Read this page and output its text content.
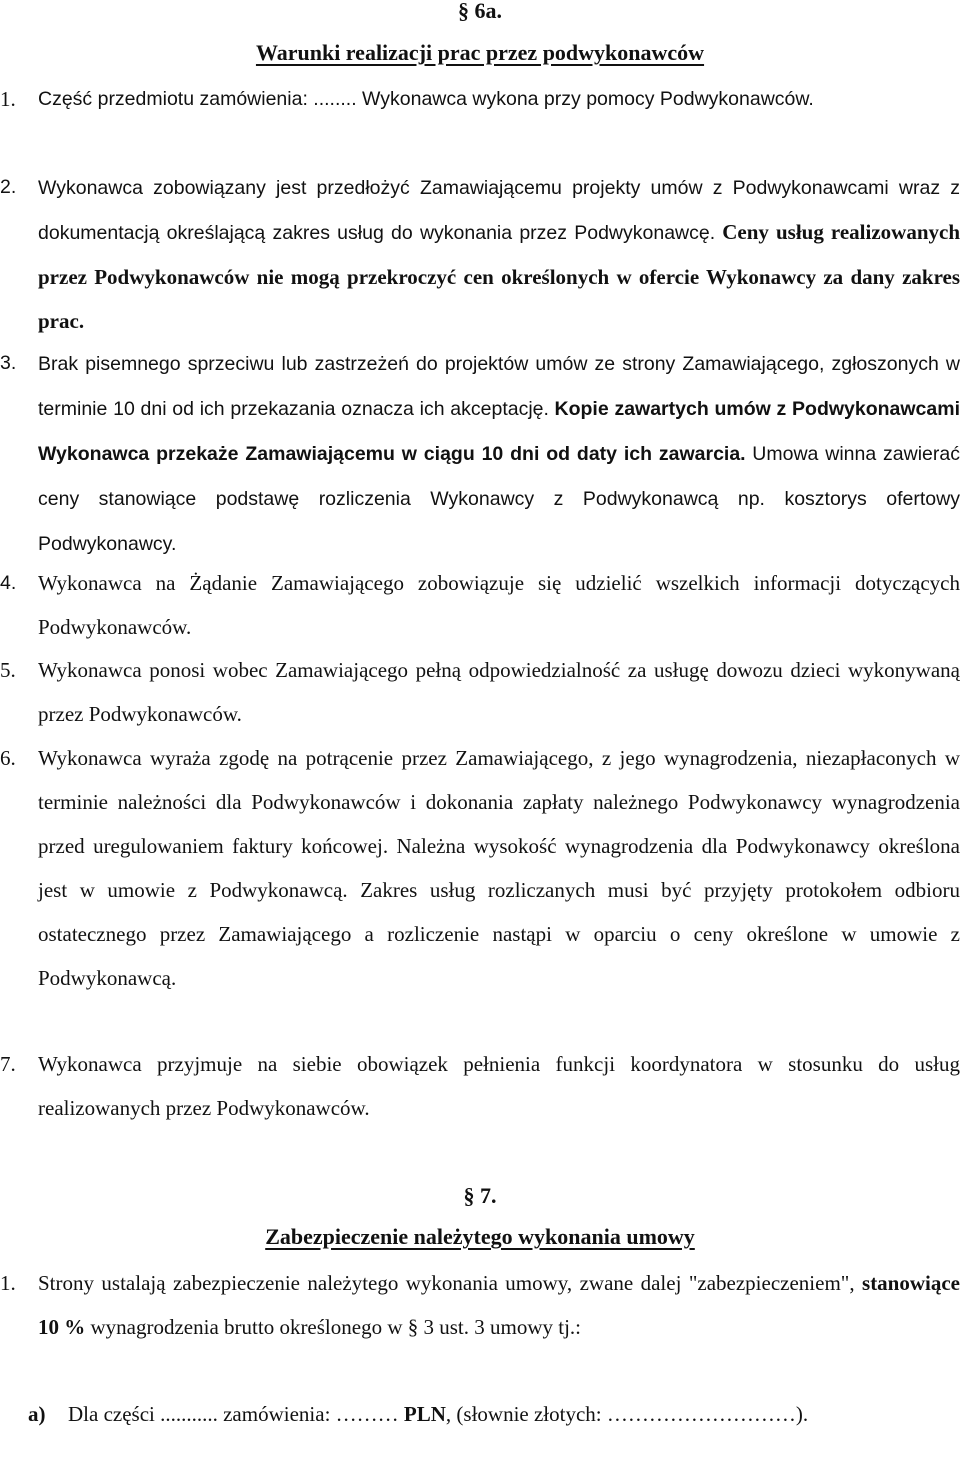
§ 6a.
Warunki realizacji prac przez podwykonawców
1.	Część przedmiotu zamówienia: ........ Wykonawca wykona przy pomocy Podwykonawców.
2.	Wykonawca zobowiązany jest przedłożyć Zamawiającemu projekty umów z Podwykonawcami wraz z dokumentacją określającą zakres usług do wykonania przez Podwykonawcę. Ceny usług realizowanych przez Podwykonawców nie mogą przekroczyć cen określonych w ofercie Wykonawcy za dany zakres prac.
3.	Brak pisemnego sprzeciwu lub zastrzeżeń do projektów umów ze strony Zamawiającego, zgłoszonych w terminie 10 dni od ich przekazania oznacza ich akceptację. Kopie zawartych umów z Podwykonawcami Wykonawca przekaże Zamawiającemu w ciągu 10 dni od daty ich zawarcia. Umowa winna zawierać ceny stanowiące podstawę rozliczenia Wykonawcy z Podwykonawcą np. kosztorys ofertowy Podwykonawcy.
4.	Wykonawca na Żądanie Zamawiającego zobowiązuje się udzielić wszelkich informacji dotyczących Podwykonawców.
5.	Wykonawca ponosi wobec Zamawiającego pełną odpowiedzialność za usługę dowozu dzieci wykonywaną przez Podwykonawców.
6.	Wykonawca wyraża zgodę na potrącenie przez Zamawiającego, z jego wynagrodzenia, niezapłaconych w terminie należności dla Podwykonawców i dokonania zapłaty należnego Podwykonawcy wynagrodzenia przed uregulowaniem faktury końcowej. Należna wysokość wynagrodzenia dla Podwykonawcy określona jest w umowie z Podwykonawcą. Zakres usług rozliczanych musi być przyjęty protokołem odbioru ostatecznego przez Zamawiającego a rozliczenie nastąpi w oparciu o ceny określone w umowie z Podwykonawcą.
7.	Wykonawca przyjmuje na siebie obowiązek pełnienia funkcji koordynatora w stosunku do usług realizowanych przez Podwykonawców.
§ 7.
Zabezpieczenie należytego wykonania umowy
1.	Strony ustalają zabezpieczenie należytego wykonania umowy, zwane dalej "zabezpieczeniem", stanowiące 10 % wynagrodzenia brutto określonego w § 3 ust. 3 umowy tj.:
a)	Dla części ........... zamówienia: ……… PLN, (słownie złotych: ………………………).
